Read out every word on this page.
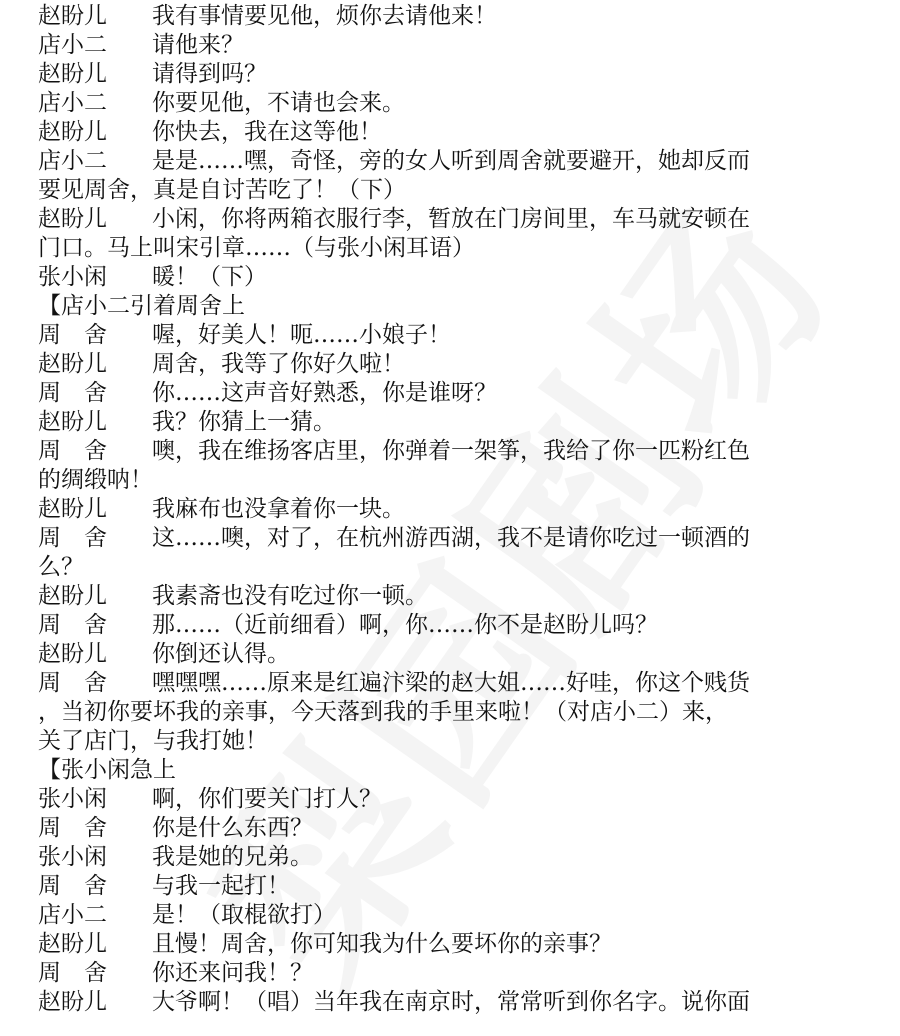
赵盼儿 我有事情要见他，烦你去请他来！
店小二 请他来？
赵盼儿 请得到吗？
店小二 你要见他，不请也会来。
赵盼儿 你快去，我在这等他！
店小二 是是……嘿，奇怪，旁的女人听到周舍就要避开，她却反而
要见周舍，真是自讨苦吃了！（下）
赵盼儿 小闲，你将两箱衣服行李，暂放在门房间里，车马就安顿在
门口。马上叫宋引章……（与张小闲耳语）
张小闲 暖！（下）
【店小二引着周舍上
周　舍 喔，好美人！呃……小娘子！
赵盼儿 周舍，我等了你好久啦！
周　舍 你……这声音好熟悉，你是谁呀？
赵盼儿 我？你猜上一猜。
周　舍 噢，我在维扬客店里，你弹着一架筝，我给了你一匹粉红色
的绸缎呐！
赵盼儿 我麻布也没拿着你一块。
周　舍 这……噢，对了，在杭州游西湖，我不是请你吃过一顿酒的
么？
赵盼儿 我素斋也没有吃过你一顿。
周　舍 那……（近前细看）啊，你……你不是赵盼儿吗？
赵盼儿 你倒还认得。
周　舍 嘿嘿嘿……原来是红遍汴梁的赵大姐……好哇，你这个贱货
，当初你要坏我的亲事，今天落到我的手里来啦！（对店小二）来，
关了店门，与我打她！
【张小闲急上
张小闲 啊，你们要关门打人？
周　舍 你是什么东西？
张小闲 我是她的兄弟。
周　舍 与我一起打！
店小二 是！（取棍欲打）
赵盼儿 且慢！周舍，你可知我为什么要坏你的亲事？
周　舍 你还来问我！？
赵盼儿 大爷啊！（唱）当年我在南京时，常常听到你名字。说你面
